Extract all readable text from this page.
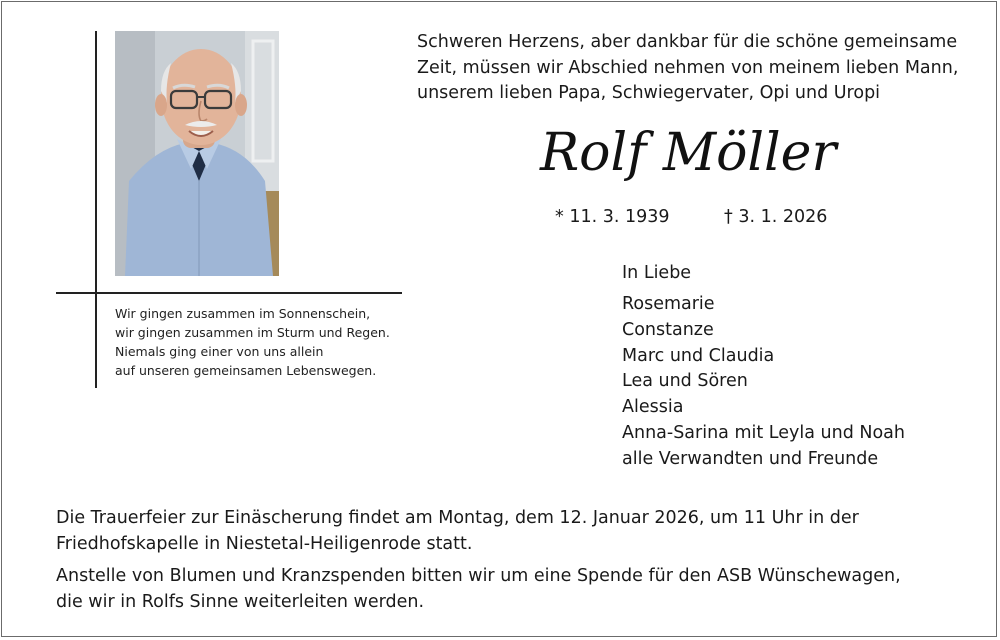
Wir gingen zusammen im Sonnenschein,
wir gingen zusammen im Sturm und Regen.
Niemals ging einer von uns allein
auf unseren gemeinsamen Lebenswegen.
Schweren Herzens, aber dankbar für die schöne gemeinsame
Zeit, müssen wir Abschied nehmen von meinem lieben Mann,
unserem lieben Papa, Schwiegervater, Opi und Uropi
Rolf Möller
* 11. 3. 1939	† 3. 1. 2026
In Liebe
Rosemarie
Constanze
Marc und Claudia
Lea und Sören
Alessia
Anna-Sarina mit Leyla und Noah
alle Verwandten und Freunde
Die Trauerfeier zur Einäscherung findet am Montag, dem 12. Januar 2026, um 11 Uhr in der
Friedhofskapelle in Niestetal-Heiligenrode statt.
Anstelle von Blumen und Kranzspenden bitten wir um eine Spende für den ASB Wünschewagen,
die wir in Rolfs Sinne weiterleiten werden.
